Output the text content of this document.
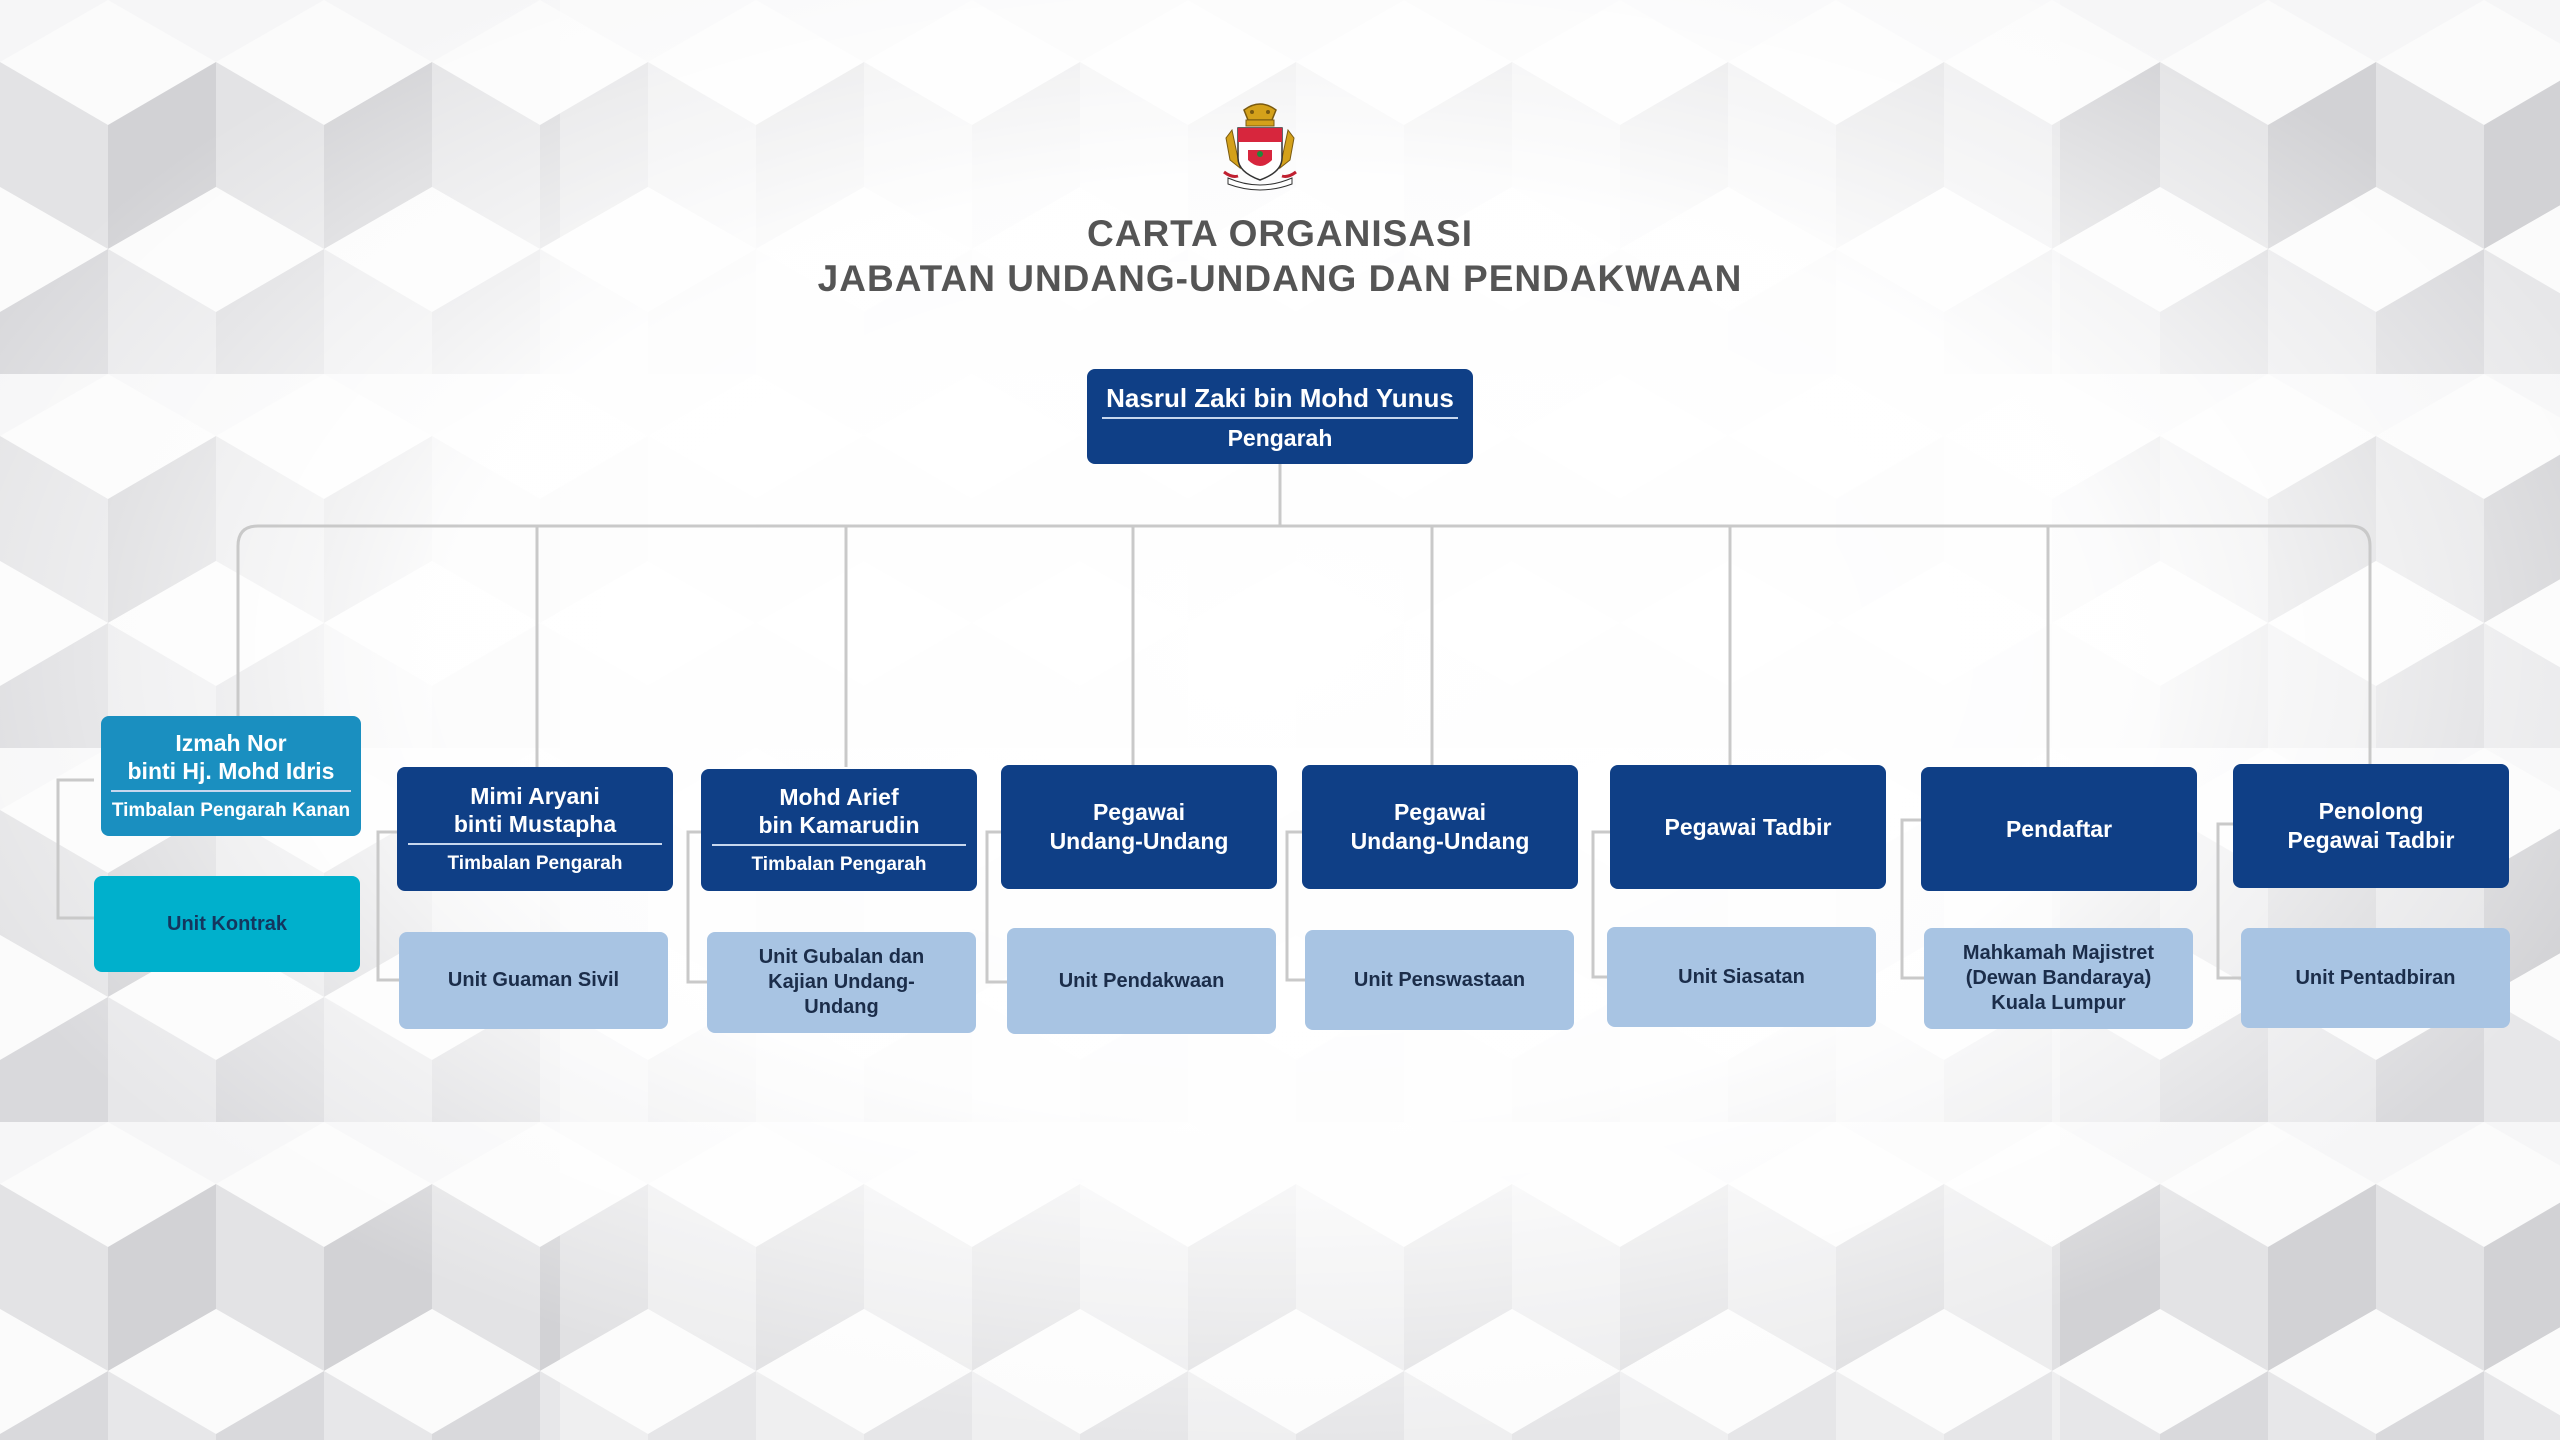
CARTA ORGANISASI
JABATAN UNDANG-UNDANG DAN PENDAKWAAN
Nasrul Zaki bin Mohd Yunus
Pengarah
Izmah Nor
binti Hj. Mohd Idris
Timbalan Pengarah Kanan
Unit Kontrak
Mimi Aryani
binti Mustapha
Timbalan Pengarah
Unit Guaman Sivil
Mohd Arief
bin Kamarudin
Timbalan Pengarah
Unit Gubalan dan
Kajian Undang-
Undang
Pegawai
Undang-Undang
Unit Pendakwaan
Pegawai
Undang-Undang
Unit Penswastaan
Pegawai Tadbir
Unit Siasatan
Pendaftar
Mahkamah Majistret
(Dewan Bandaraya)
Kuala Lumpur
Penolong
Pegawai Tadbir
Unit Pentadbiran
